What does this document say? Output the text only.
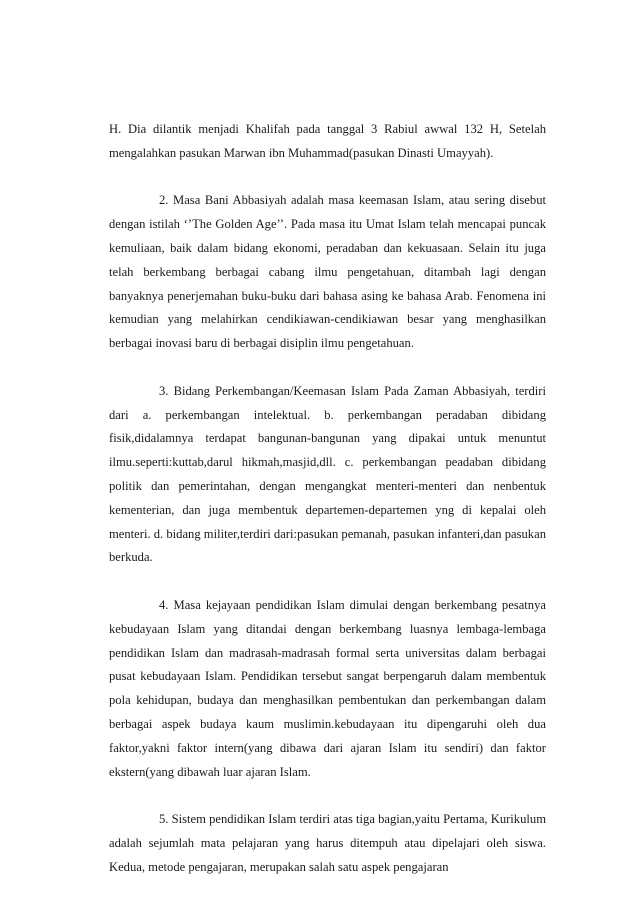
H. Dia dilantik menjadi Khalifah pada tanggal 3 Rabiul awwal 132 H, Setelah mengalahkan pasukan Marwan ibn Muhammad(pasukan Dinasti Umayyah).

2. Masa Bani Abbasiyah adalah masa keemasan Islam, atau sering disebut dengan istilah ‘’The Golden Age’’. Pada masa itu Umat Islam telah mencapai puncak kemuliaan, baik dalam bidang ekonomi, peradaban dan kekuasaan. Selain itu juga telah berkembang berbagai cabang ilmu pengetahuan, ditambah lagi dengan banyaknya penerjemahan buku-buku dari bahasa asing ke bahasa Arab. Fenomena ini kemudian yang melahirkan cendikiawan-cendikiawan besar yang menghasilkan berbagai inovasi baru di berbagai disiplin ilmu pengetahuan.

3. Bidang Perkembangan/Keemasan Islam Pada Zaman Abbasiyah, terdiri dari a. perkembangan intelektual. b. perkembangan peradaban dibidang fisik,didalamnya terdapat bangunan-bangunan yang dipakai untuk menuntut ilmu.seperti:kuttab,darul hikmah,masjid,dll. c. perkembangan peadaban dibidang politik dan pemerintahan, dengan mengangkat menteri-menteri dan nenbentuk kementerian, dan juga membentuk departemen-departemen yng di kepalai oleh menteri. d. bidang militer,terdiri dari:pasukan pemanah, pasukan infanteri,dan pasukan berkuda.

4. Masa kejayaan pendidikan Islam dimulai dengan berkembang pesatnya kebudayaan Islam yang ditandai dengan berkembang luasnya lembaga-lembaga pendidikan Islam dan madrasah-madrasah formal serta universitas dalam berbagai pusat kebudayaan Islam. Pendidikan tersebut sangat berpengaruh dalam membentuk pola kehidupan, budaya dan menghasilkan pembentukan dan perkembangan dalam berbagai aspek budaya kaum muslimin.kebudayaan itu dipengaruhi oleh dua faktor,yakni faktor intern(yang dibawa dari ajaran Islam itu sendiri) dan faktor ekstern(yang dibawah luar ajaran Islam.

5. Sistem pendidikan Islam terdiri atas tiga bagian,yaitu Pertama, Kurikulum adalah sejumlah mata pelajaran yang harus ditempuh atau dipelajari oleh siswa. Kedua, metode pengajaran, merupakan salah satu aspek pengajaran
